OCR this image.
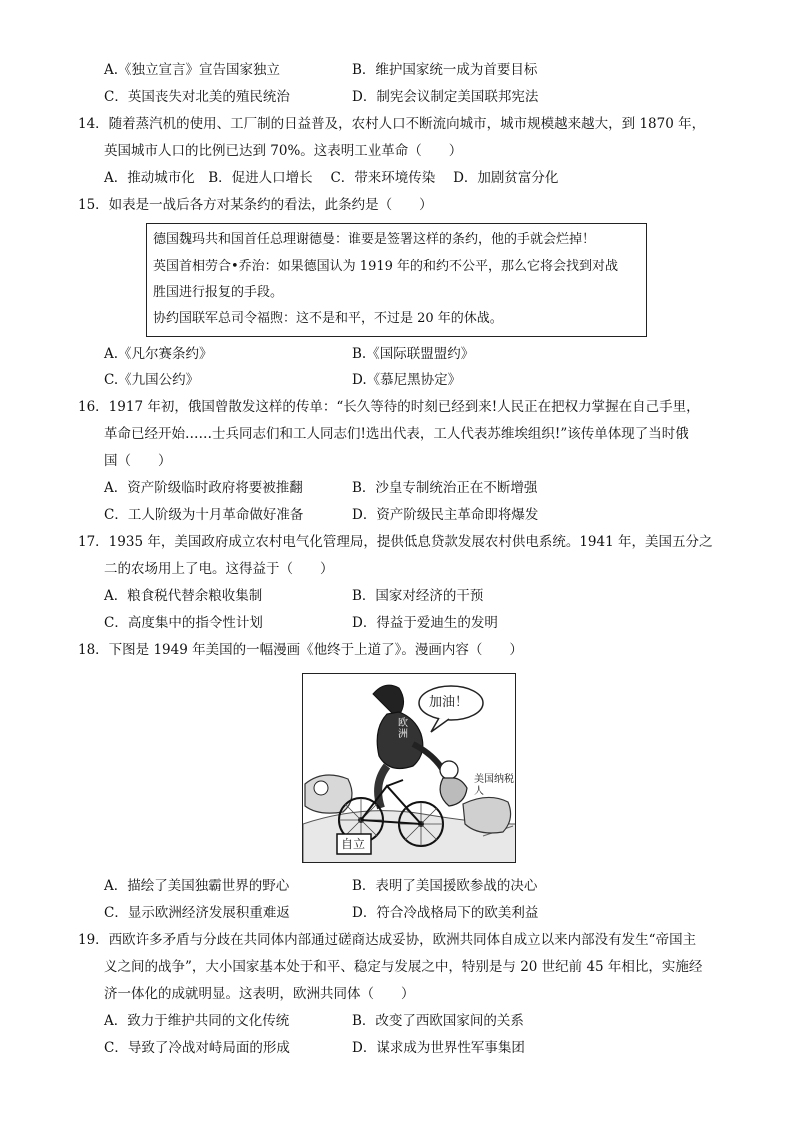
A.《独立宣言》宣告国家独立	B．维护国家统一成为首要目标
C．英国丧失对北美的殖民统治	D．制宪会议制定美国联邦宪法
14．随着蒸汽机的使用、工厂制的日益普及，农村人口不断流向城市，城市规模越来越大，到 1870 年，
英国城市人口的比例已达到 70%。这表明工业革命（　　）
A．推动城市化　B．促进人口增长　 C．带来环境传染　 D．加剧贫富分化
15．如表是一战后各方对某条约的看法，此条约是（　　）
德国魏玛共和国首任总理谢德曼：谁要是签署这样的条约，他的手就会烂掉！
英国首相劳合•乔治：如果德国认为 1919 年的和约不公平，那么它将会找到对战
胜国进行报复的手段。
协约国联军总司令福煦：这不是和平，不过是 20 年的休战。
A.《凡尔赛条约》	B.《国际联盟盟约》
C.《九国公约》	D.《慕尼黑协定》
16．1917 年初，俄国曾散发这样的传单：“长久等待的时刻已经到来!人民正在把权力掌握在自己手里，
革命已经开始……士兵同志们和工人同志们!选出代表，工人代表苏维埃组织!”该传单体现了当时俄
国（　　）
A．资产阶级临时政府将要被推翻	B．沙皇专制统治正在不断增强
C．工人阶级为十月革命做好准备	D．资产阶级民主革命即将爆发
17．1935 年，美国政府成立农村电气化管理局，提供低息贷款发展农村供电系统。1941 年，美国五分之
二的农场用上了电。这得益于（　　）
A．粮食税代替余粮收集制	B．国家对经济的干预
C．高度集中的指令性计划	D．得益于爱迪生的发明
18．下图是 1949 年美国的一幅漫画《他终于上道了》。漫画内容（　　）
加油！
欧洲
美国纳税人
自立
A．描绘了美国独霸世界的野心	B．表明了美国援欧参战的决心
C．显示欧洲经济发展积重难返	D．符合冷战格局下的欧美利益
19．西欧许多矛盾与分歧在共同体内部通过磋商达成妥协，欧洲共同体自成立以来内部没有发生“帝国主
义之间的战争”，大小国家基本处于和平、稳定与发展之中，特别是与 20 世纪前 45 年相比，实施经
济一体化的成就明显。这表明，欧洲共同体（　　）
A．致力于维护共同的文化传统	B．改变了西欧国家间的关系
C．导致了冷战对峙局面的形成	D．谋求成为世界性军事集团
